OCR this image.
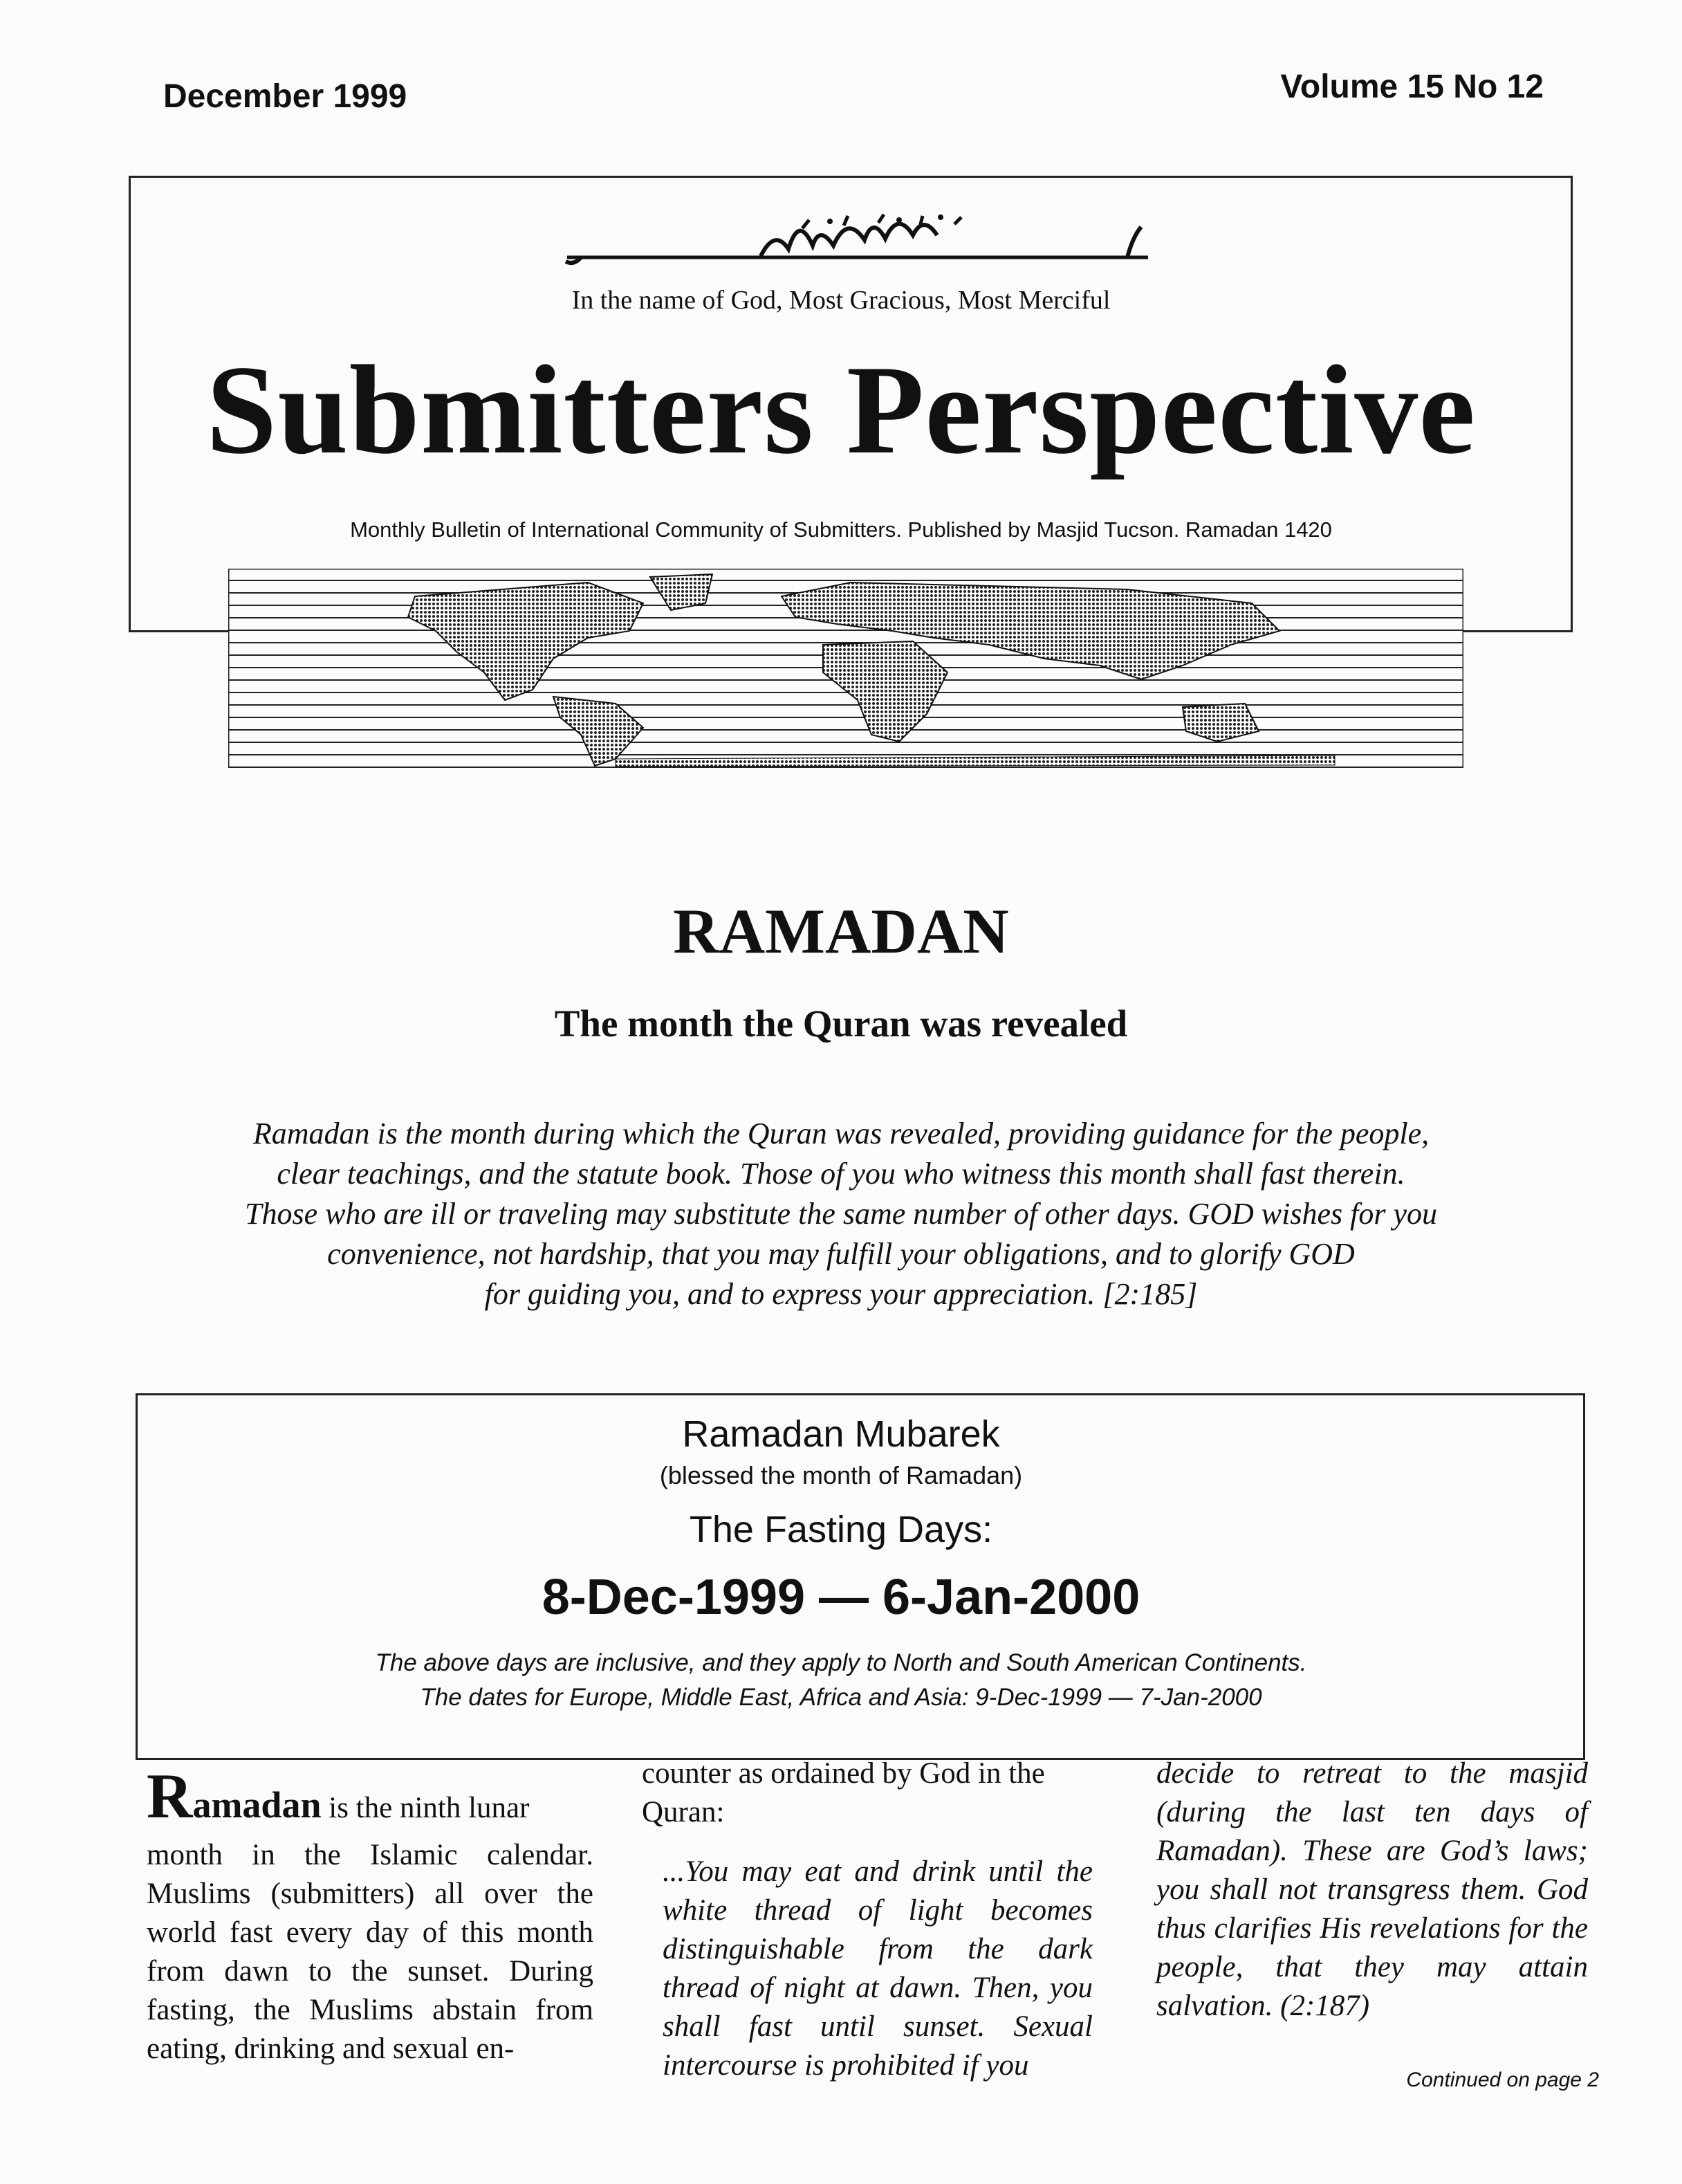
December 1999	Volume 15 No 12
In the name of God, Most Gracious, Most Merciful
Submitters Perspective
Monthly Bulletin of International Community of Submitters. Published by Masjid Tucson. Ramadan 1420
RAMADAN
The month the Quran was revealed
Ramadan is the month during which the Quran was revealed, providing guidance for the people,
clear teachings, and the statute book. Those of you who witness this month shall fast therein.
Those who are ill or traveling may substitute the same number of other days. GOD wishes for you
convenience, not hardship, that you may fulfill your obligations, and to glorify GOD
for guiding you, and to express your appreciation. [2:185]
Ramadan Mubarek
(blessed the month of Ramadan)
The Fasting Days:
8-Dec-1999 — 6-Jan-2000
The above days are inclusive, and they apply to North and South American Continents.
The dates for Europe, Middle East, Africa and Asia: 9-Dec-1999 — 7-Jan-2000
Ramadan is the ninth lunar
month in the Islamic calendar. Muslims (submitters) all over the world fast every day of this month from dawn to the sunset. During fasting, the Muslims abstain from eating, drinking and sexual en-
counter as ordained by God in the Quran:
...You may eat and drink until the white thread of light becomes distinguishable from the dark thread of night at dawn. Then, you shall fast until sunset. Sexual intercourse is prohibited if you
decide to retreat to the masjid (during the last ten days of Ramadan). These are God’s laws; you shall not transgress them. God thus clarifies His revelations for the people, that they may attain salvation. (2:187)
Continued on page 2
